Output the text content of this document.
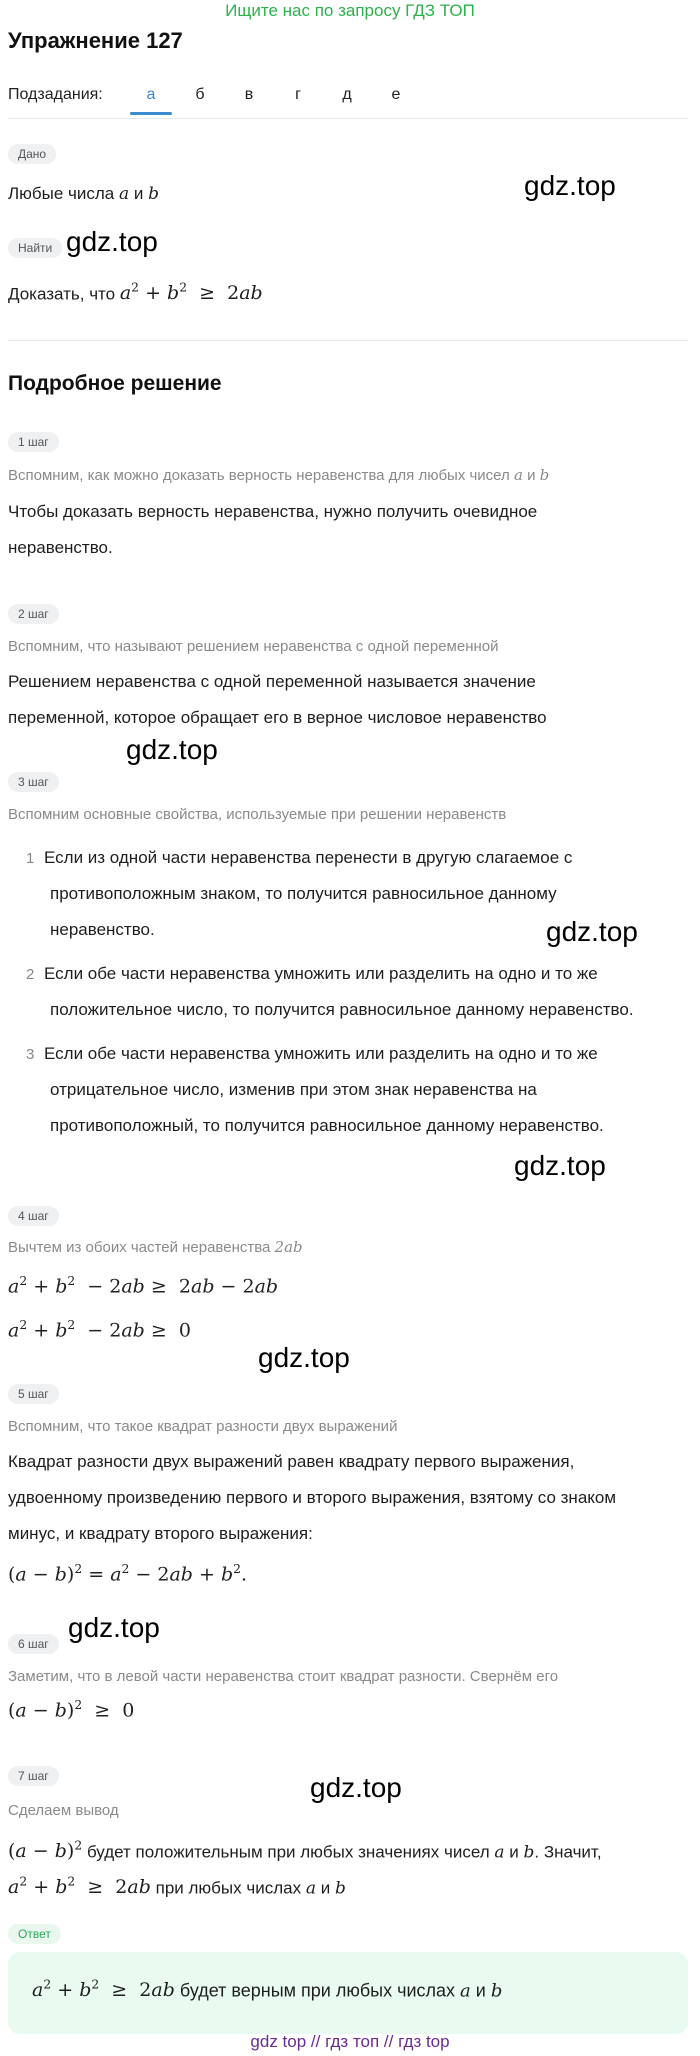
Ищите нас по запросу ГДЗ ТОП
Упражнение 127
Подзадания:	а	б	в	г	д	е
Дано
Любые числа a и b	gdz.top
Найти gdz.top
Доказать, что $a^2 + b^2 \ge 2ab$
Подробное решение
1 шаг
Вспомним, как можно доказать верность неравенства для любых чисел a и b
Чтобы доказать верность неравенства, нужно получить очевидное
неравенство.
2 шаг
Вспомним, что называют решением неравенства с одной переменной
Решением неравенства с одной переменной называется значение
переменной, которое обращает его в верное числовое неравенство
gdz.top
3 шаг
Вспомним основные свойства, используемые при решении неравенств
1 Если из одной части неравенства перенести в другую слагаемое с
противоположным знаком, то получится равносильное данному
неравенство.	gdz.top
2 Если обе части неравенства умножить или разделить на одно и то же
положительное число, то получится равносильное данному неравенство.
3 Если обе части неравенства умножить или разделить на одно и то же
отрицательное число, изменив при этом знак неравенства на
противоположный, то получится равносильное данному неравенство.
gdz.top
4 шаг
Вычтем из обоих частей неравенства 2ab
$a^2 + b^2 - 2ab \ge 2ab - 2ab$
$a^2 + b^2 - 2ab \ge 0$
gdz.top
5 шаг
Вспомним, что такое квадрат разности двух выражений
Квадрат разности двух выражений равен квадрату первого выражения,
удвоенному произведению первого и второго выражения, взятому со знаком
минус, и квадрату второго выражения:
$(a - b)^2 = a^2 - 2ab + b^2$.
6 шаг
gdz.top
Заметим, что в левой части неравенства стоит квадрат разности. Свернём его
$(a - b)^2 \ge 0$
7 шаг	gdz.top
Сделаем вывод
$(a - b)^2$ будет положительным при любых значениях чисел a и b. Значит,
$a^2 + b^2 \ge 2ab$ при любых числах a и b
Ответ
$a^2 + b^2 \ge 2ab$ будет верным при любых числах a и b
gdz top // гдз топ // гдз top
